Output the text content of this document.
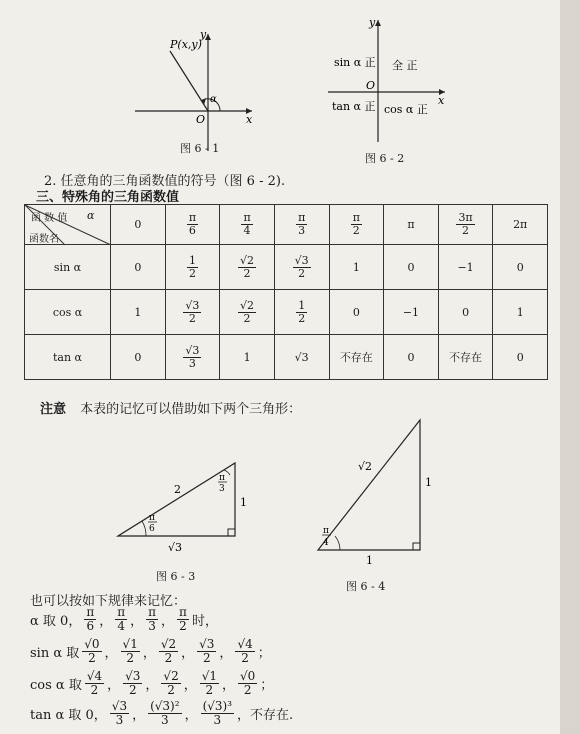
P(x,y)
y
x
O
α
图 6 - 1
y
x
O
全 正
sin α 正
tan α 正 cos α 正
图 6 - 2
2. 任意角的三角函数值的符号（图 6 - 2).
三、特殊角的三角函数值
α
函 数 值
函数名	0	$\frac{\pi}{6}$	$\frac{\pi}{4}$	$\frac{\pi}{3}$	$\frac{\pi}{2}$	π	$\frac{3\pi}{2}$	2π
sin α	0	$\frac{1}{2}$	$\frac{√2}{2}$	$\frac{√3}{2}$	1	0	−1	0
cos α	1	$\frac{√3}{2}$	$\frac{√2}{2}$	$\frac{1}{2}$	0	−1	0	1
tan α	0	$\frac{√3}{3}$	1	√3	不存在	0	不存在	0
注意 本表的记忆可以借助如下两个三角形：
2
1
√3
π
3
π
6
图 6 - 3
√2
1
1
π
4
图 6 - 4
也可以按如下规律来记忆：
α 取 0， $\frac{\pi}{6}$ ， $\frac{\pi}{4}$ ， $\frac{\pi}{3}$ ， $\frac{\pi}{2}$ 时，
sin α 取 $\frac{√0}{2}$ ， $\frac{√1}{2}$ ， $\frac{√2}{2}$ ， $\frac{√3}{2}$ ， $\frac{√4}{2}$ ；
cos α 取 $\frac{√4}{2}$ ， $\frac{√3}{2}$ ， $\frac{√2}{2}$ ， $\frac{√1}{2}$ ， $\frac{√0}{2}$ ；
tan α 取 0， $\frac{√3}{3}$ ， $\frac{\text{(√3)²}}{3}$ ， $\frac{\text{(√3)³}}{3}$ ，不存在.
